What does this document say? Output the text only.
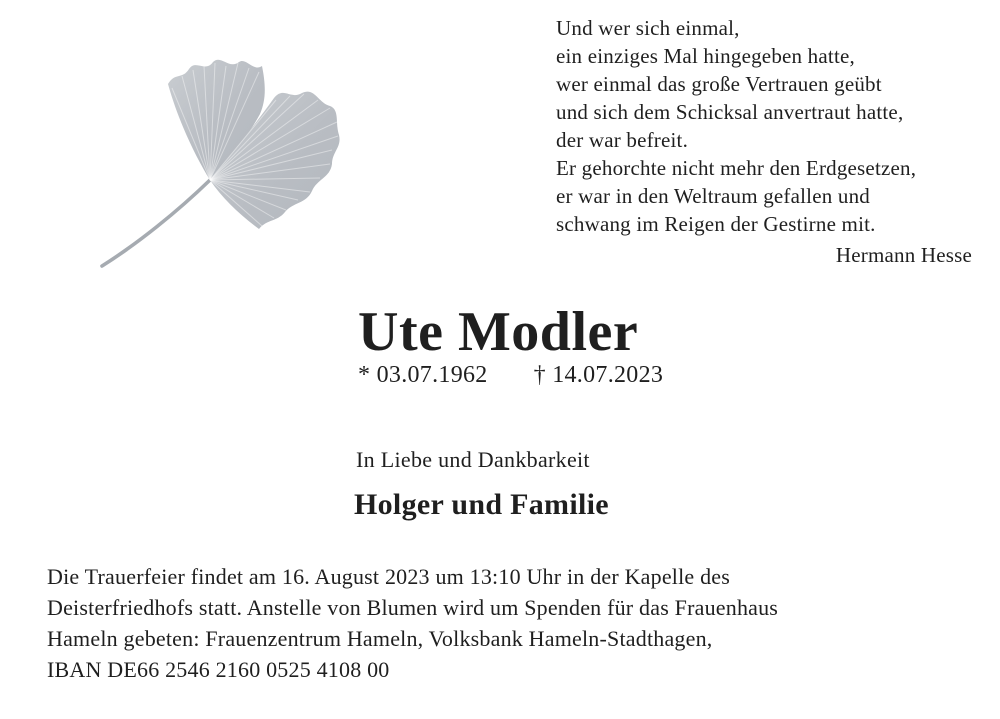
Und wer sich einmal,
ein einziges Mal hingegeben hatte,
wer einmal das große Vertrauen geübt
und sich dem Schicksal anvertraut hatte,
der war befreit.
Er gehorchte nicht mehr den Erdgesetzen,
er war in den Weltraum gefallen und
schwang im Reigen der Gestirne mit.
Hermann Hesse
Ute Modler
* 03.07.1962 † 14.07.2023
In Liebe und Dankbarkeit
Holger und Familie
Die Trauerfeier findet am 16. August 2023 um 13:10 Uhr in der Kapelle des
Deisterfriedhofs statt. Anstelle von Blumen wird um Spenden für das Frauenhaus
Hameln gebeten: Frauenzentrum Hameln, Volksbank Hameln-Stadthagen,
IBAN DE66 2546 2160 0525 4108 00
